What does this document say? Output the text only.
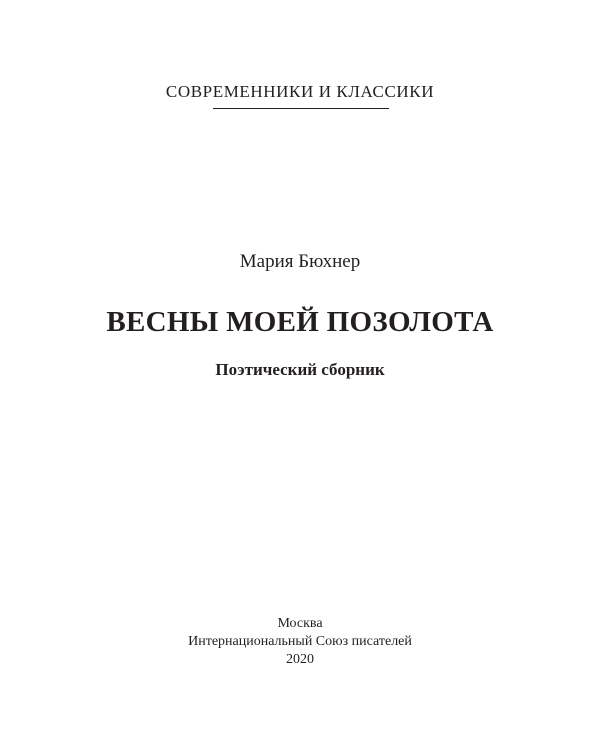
СОВРЕМЕННИКИ И КЛАССИКИ
Мария Бюхнер
ВЕСНЫ МОЕЙ ПОЗОЛОТА
Поэтический сборник
Москва
Интернациональный Союз писателей
2020
